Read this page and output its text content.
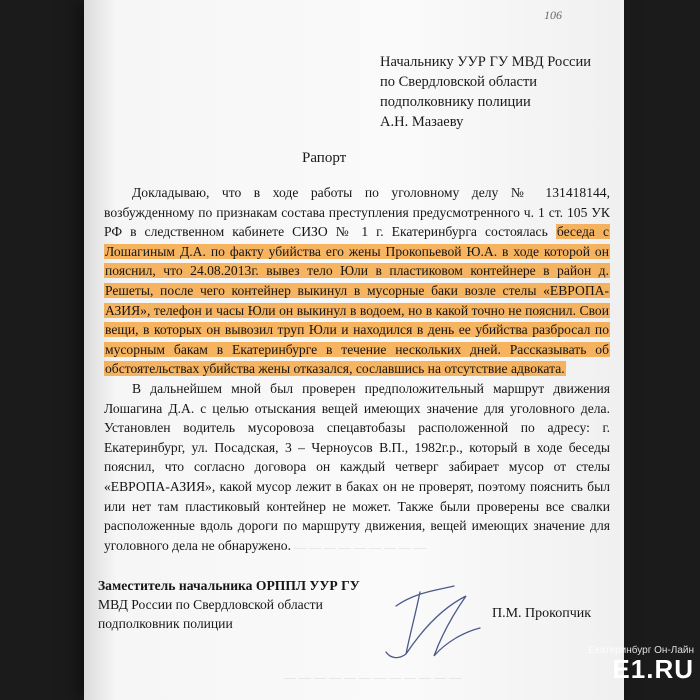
106
Начальнику УУР ГУ МВД России
по Свердловской области
подполковнику полиции
А.Н. Мазаеву
Рапорт

Докладываю, что в ходе работы по уголовному делу № 131418144, возбужденному по признакам состава преступления предусмотренного ч. 1 ст. 105 УК РФ в следственном кабинете СИЗО № 1 г. Екатеринбурга состоялась беседа с Лошагиным Д.А. по факту убийства его жены Прокопьевой Ю.А. в ходе которой он пояснил, что 24.08.2013г. вывез тело Юли в пластиковом контейнере в район д. Решеты, после чего контейнер выкинул в мусорные баки возле стелы «ЕВРОПА-АЗИЯ», телефон и часы Юли он выкинул в водоем, но в какой точно не пояснил. Свои вещи, в которых он вывозил труп Юли и находился в день ее убийства разбросал по мусорным бакам в Екатеринбурге в течение нескольких дней. Рассказывать об обстоятельствах убийства жены отказался, сославшись на отсутствие адвоката.

В дальнейшем мной был проверен предположительный маршрут движения Лошагина Д.А. с целью отыскания вещей имеющих значение для уголовного дела. Установлен водитель мусоровоза спецавтобазы расположенной по адресу: г. Екатеринбург, ул. Посадская, 3 – Черноусов В.П., 1982г.р., который в ходе беседы пояснил, что согласно договора он каждый четверг забирает мусор от стелы «ЕВРОПА-АЗИЯ», какой мусор лежит в баках он не проверят, поэтому пояснить был или нет там пластиковый контейнер не может. Также были проверены все свалки расположенные вдоль дороги по маршруту движения, вещей имеющих значение для уголовного дела не обнаружено.

— — — — — — — — — — — — —
— — — — — — — — — — — —
Заместитель начальника ОРППЛ УУР ГУ
МВД России по Свердловской области
подполковник полиции
П.М. Прокопчик
Екатеринбург Он-Лайн
E1.RU
